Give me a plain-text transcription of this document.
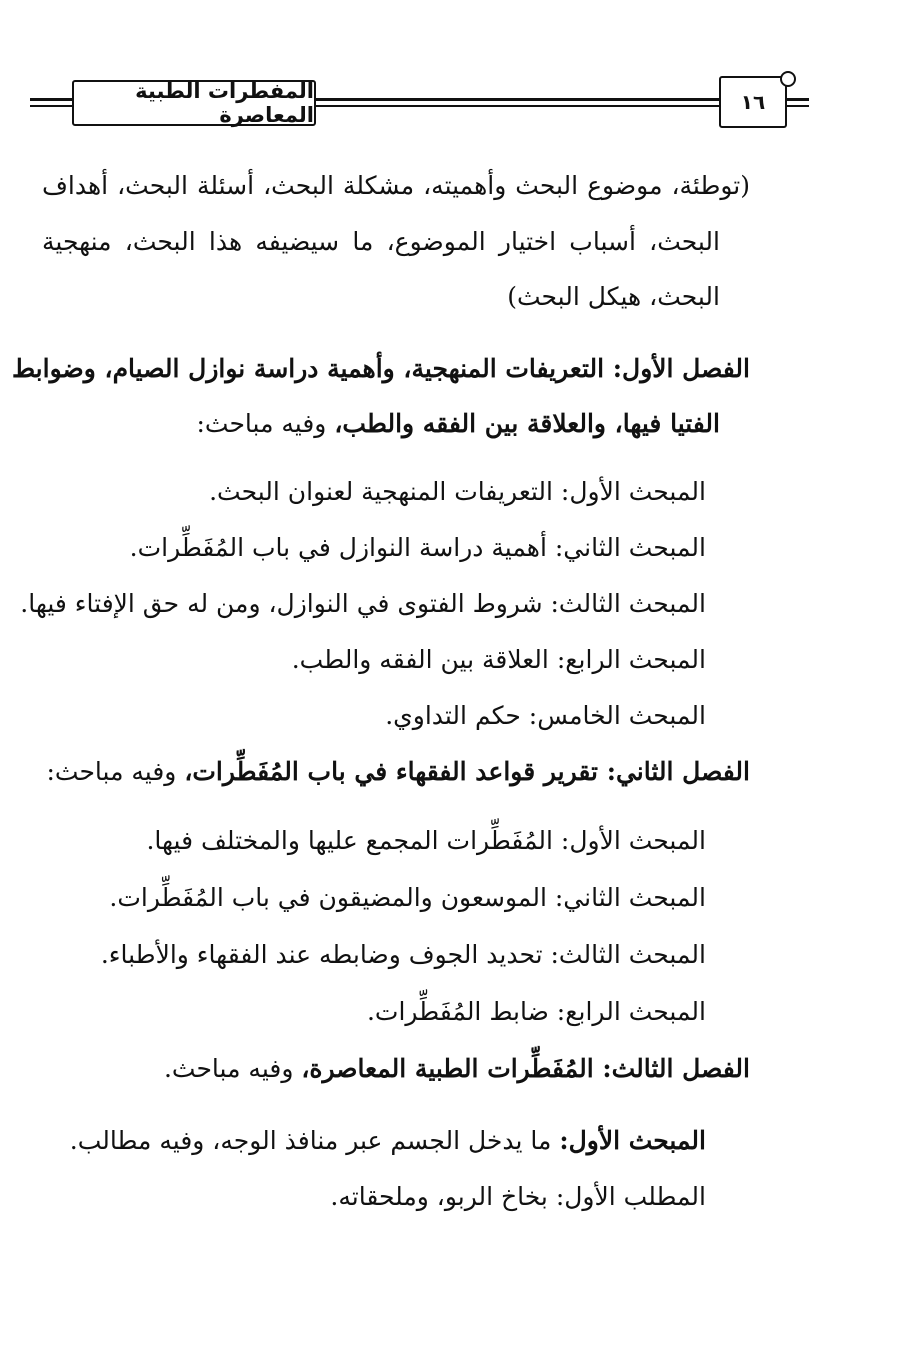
المفطرات الطبية المعاصرة
١٦
(توطئة، موضوع البحث وأهميته، مشكلة البحث، أسئلة البحث، أهداف
البحث، أسباب اختيار الموضوع، ما سيضيفه هذا البحث، منهجية
البحث، هيكل البحث)
الفصل الأول: التعريفات المنهجية، وأهمية دراسة نوازل الصيام، وضوابط
الفتيا فيها، والعلاقة بين الفقه والطب، وفيه مباحث:
المبحث الأول: التعريفات المنهجية لعنوان البحث.
المبحث الثاني: أهمية دراسة النوازل في باب المُفَطِّرات.
المبحث الثالث: شروط الفتوى في النوازل، ومن له حق الإفتاء فيها.
المبحث الرابع: العلاقة بين الفقه والطب.
المبحث الخامس: حكم التداوي.
الفصل الثاني: تقرير قواعد الفقهاء في باب المُفَطِّرات، وفيه مباحث:
المبحث الأول: المُفَطِّرات المجمع عليها والمختلف فيها.
المبحث الثاني: الموسعون والمضيقون في باب المُفَطِّرات.
المبحث الثالث: تحديد الجوف وضابطه عند الفقهاء والأطباء.
المبحث الرابع: ضابط المُفَطِّرات.
الفصل الثالث: المُفَطِّرات الطبية المعاصرة، وفيه مباحث.
المبحث الأول: ما يدخل الجسم عبر منافذ الوجه، وفيه مطالب.
المطلب الأول: بخاخ الربو، وملحقاته.
